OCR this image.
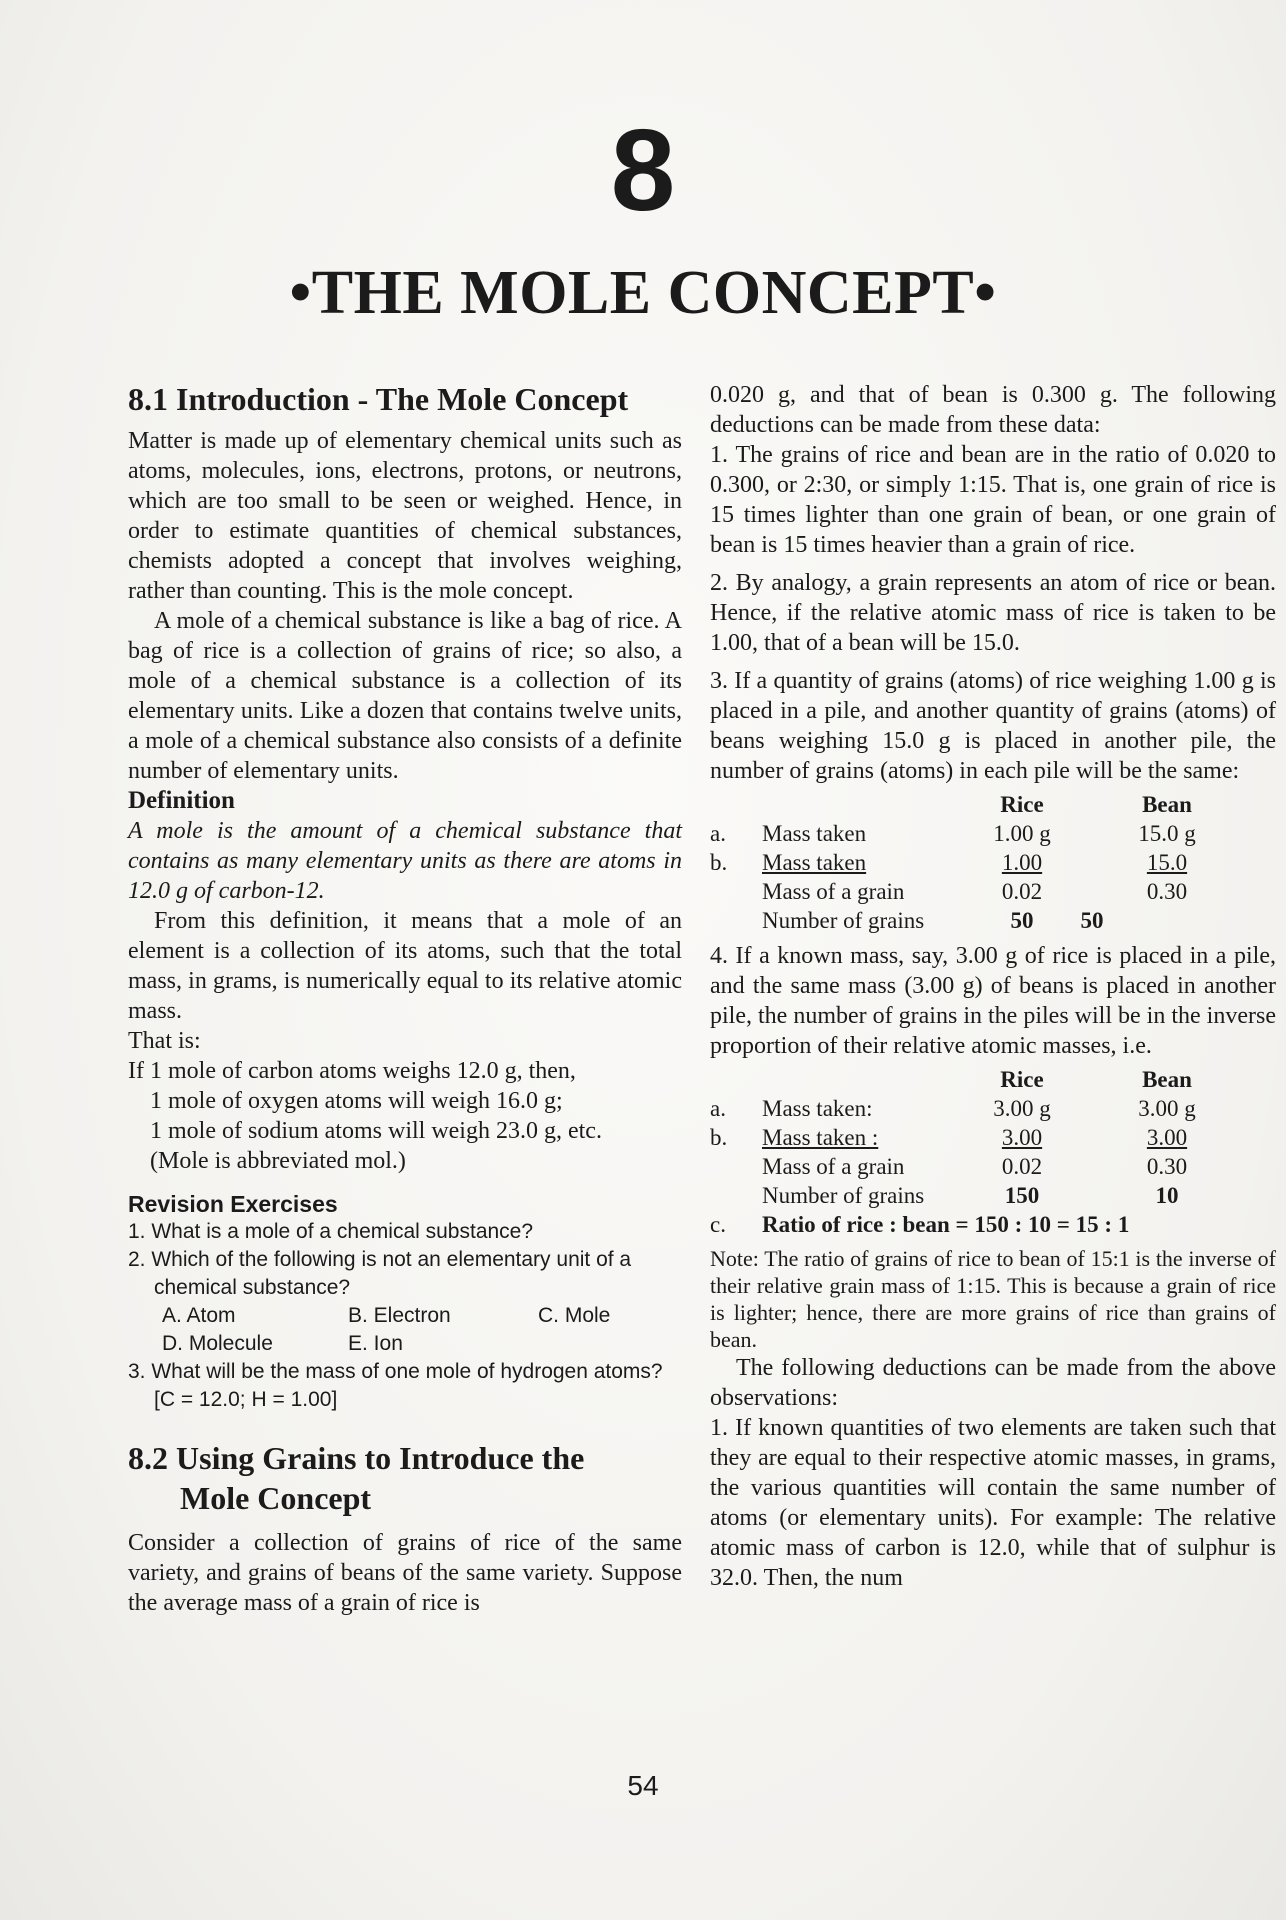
8
•THE MOLE CONCEPT•
8.1 Introduction - The Mole Concept

Matter is made up of elementary chemical units such as atoms, molecules, ions, electrons, protons, or neutrons, which are too small to be seen or weighed. Hence, in order to estimate quantities of chemical substances, chemists adopted a concept that involves weighing, rather than counting. This is the mole concept.

A mole of a chemical substance is like a bag of rice. A bag of rice is a collection of grains of rice; so also, a mole of a chemical substance is a collection of its elementary units. Like a dozen that contains twelve units, a mole of a chemical substance also consists of a definite number of elementary units.

Definition

A mole is the amount of a chemical substance that contains as many elementary units as there are atoms in 12.0 g of carbon-12.

From this definition, it means that a mole of an element is a collection of its atoms, such that the total mass, in grams, is numerically equal to its relative atomic mass.

That is:

If 1 mole of carbon atoms weighs 12.0 g, then,

1 mole of oxygen atoms will weigh 16.0 g;

1 mole of sodium atoms will weigh 23.0 g, etc.

(Mole is abbreviated mol.)

Revision Exercises
1. What is a mole of a chemical substance?
2. Which of the following is not an elementary unit of a chemical substance?
A. Atom	B. Electron	C. Mole
D. Molecule	E. Ion
3. What will be the mass of one mole of hydrogen atoms? [C = 12.0; H = 1.00]
8.2 Using Grains to Introduce the
Mole Concept

Consider a collection of grains of rice of the same variety, and grains of beans of the same variety. Suppose the average mass of a grain of rice is

0.020 g, and that of bean is 0.300 g. The following deductions can be made from these data:

1. The grains of rice and bean are in the ratio of 0.020 to 0.300, or 2:30, or simply 1:15. That is, one grain of rice is 15 times lighter than one grain of bean, or one grain of bean is 15 times heavier than a grain of rice.

2. By analogy, a grain represents an atom of rice or bean. Hence, if the relative atomic mass of rice is taken to be 1.00, that of a bean will be 15.0.

3. If a quantity of grains (atoms) of rice weighing 1.00 g is placed in a pile, and another quantity of grains (atoms) of beans weighing 15.0 g is placed in another pile, the number of grains (atoms) in each pile will be the same:

Rice	Bean
a.	Mass taken	1.00 g	15.0 g
b.	Mass taken	1.00	15.0
Mass of a grain	0.02	0.30
Number of grains	50	50

4. If a known mass, say, 3.00 g of rice is placed in a pile, and the same mass (3.00 g) of beans is placed in another pile, the number of grains in the piles will be in the inverse proportion of their relative atomic masses, i.e.

Rice	Bean
a.	Mass taken:	3.00 g	3.00 g
b.	Mass taken :	3.00	3.00
Mass of a grain	0.02	0.30
Number of grains	150	10
c.	Ratio of rice : bean = 150 : 10 = 15 : 1

Note: The ratio of grains of rice to bean of 15:1 is the inverse of their relative grain mass of 1:15. This is because a grain of rice is lighter; hence, there are more grains of rice than grains of bean.

The following deductions can be made from the above observations:

1. If known quantities of two elements are taken such that they are equal to their respective atomic masses, in grams, the various quantities will contain the same number of atoms (or elementary units). For example: The relative atomic mass of carbon is 12.0, while that of sulphur is 32.0. Then, the num

54
